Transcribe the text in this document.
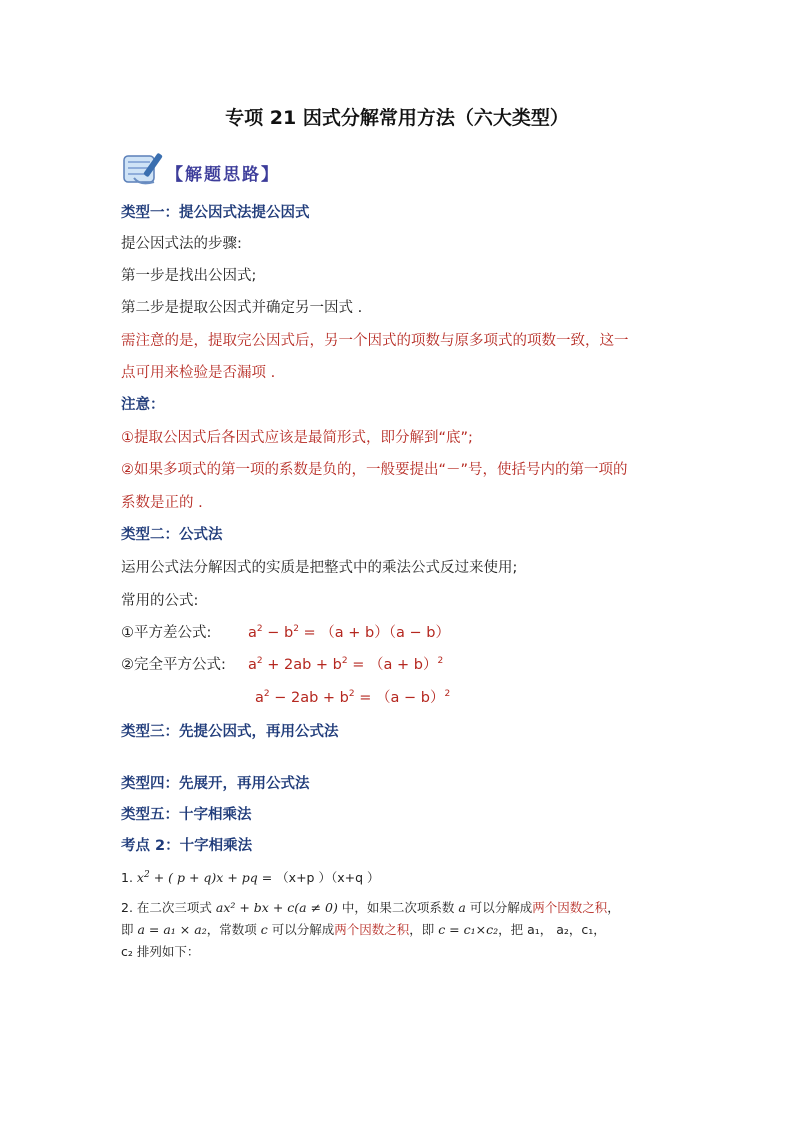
专项 21 因式分解常用方法（六大类型）
【解题思路】
类型一：提公因式法提公因式
提公因式法的步骤:
第一步是找出公因式;
第二步是提取公因式并确定另一因式 .
需注意的是，提取完公因式后，另一个因式的项数与原多项式的项数一致，这一
点可用来检验是否漏项 .
注意：
①提取公因式后各因式应该是最简形式，即分解到“底”;
②如果多项式的第一项的系数是负的，一般要提出“－”号，使括号内的第一项的
系数是正的 .
类型二：公式法
运用公式法分解因式的实质是把整式中的乘法公式反过来使用;
常用的公式:
①平方差公式:	$a^2 - b^2 = (a + b)(a - b)$
②完全平方公式: $a^2 + 2ab + b^2 = (a + b)^2$
$a^2 - 2ab + b^2 = (a - b)^2$
类型三：先提公因式，再用公式法
类型四：先展开，再用公式法
类型五：十字相乘法
考点 2：十字相乘法
1. $x^2$ + ( p + q)x + pq = （x+p ）（x+q ）
2. 在二次三项式 ax² + bx + c(a ≠ 0) 中，如果二次项系数 a 可以分解成两个因数之积，
即 a = a₁ × a₂，常数项 c 可以分解成两个因数之积，即 c = c₁×c₂，把 a₁， a₂，c₁，
c₂ 排列如下：
